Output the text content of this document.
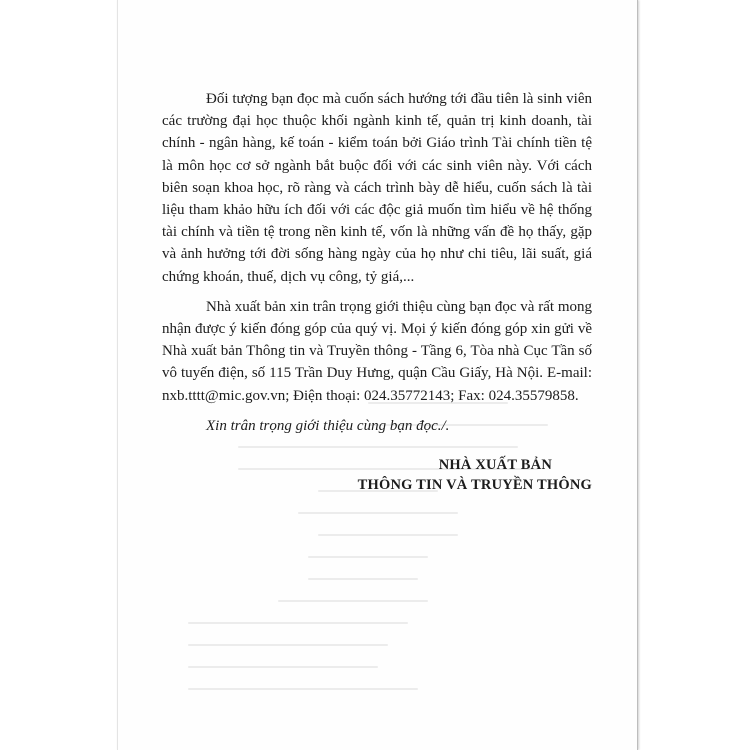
Đối tượng bạn đọc mà cuốn sách hướng tới đầu tiên là sinh viên các trường đại học thuộc khối ngành kinh tế, quản trị kinh doanh, tài chính - ngân hàng, kế toán - kiểm toán bởi Giáo trình Tài chính tiền tệ là môn học cơ sở ngành bắt buộc đối với các sinh viên này. Với cách biên soạn khoa học, rõ ràng và cách trình bày dễ hiểu, cuốn sách là tài liệu tham khảo hữu ích đối với các độc giả muốn tìm hiểu về hệ thống tài chính và tiền tệ trong nền kinh tế, vốn là những vấn đề họ thấy, gặp và ảnh hưởng tới đời sống hàng ngày của họ như chi tiêu, lãi suất, giá chứng khoán, thuế, dịch vụ công, tỷ giá,...

Nhà xuất bản xin trân trọng giới thiệu cùng bạn đọc và rất mong nhận được ý kiến đóng góp của quý vị. Mọi ý kiến đóng góp xin gửi về Nhà xuất bản Thông tin và Truyền thông - Tầng 6, Tòa nhà Cục Tần số vô tuyến điện, số 115 Trần Duy Hưng, quận Cầu Giấy, Hà Nội. E-mail: nxb.tttt@mic.gov.vn; Điện thoại: 024.35772143; Fax: 024.35579858.

Xin trân trọng giới thiệu cùng bạn đọc./.

NHÀ XUẤT BẢN
THÔNG TIN VÀ TRUYỀN THÔNG
